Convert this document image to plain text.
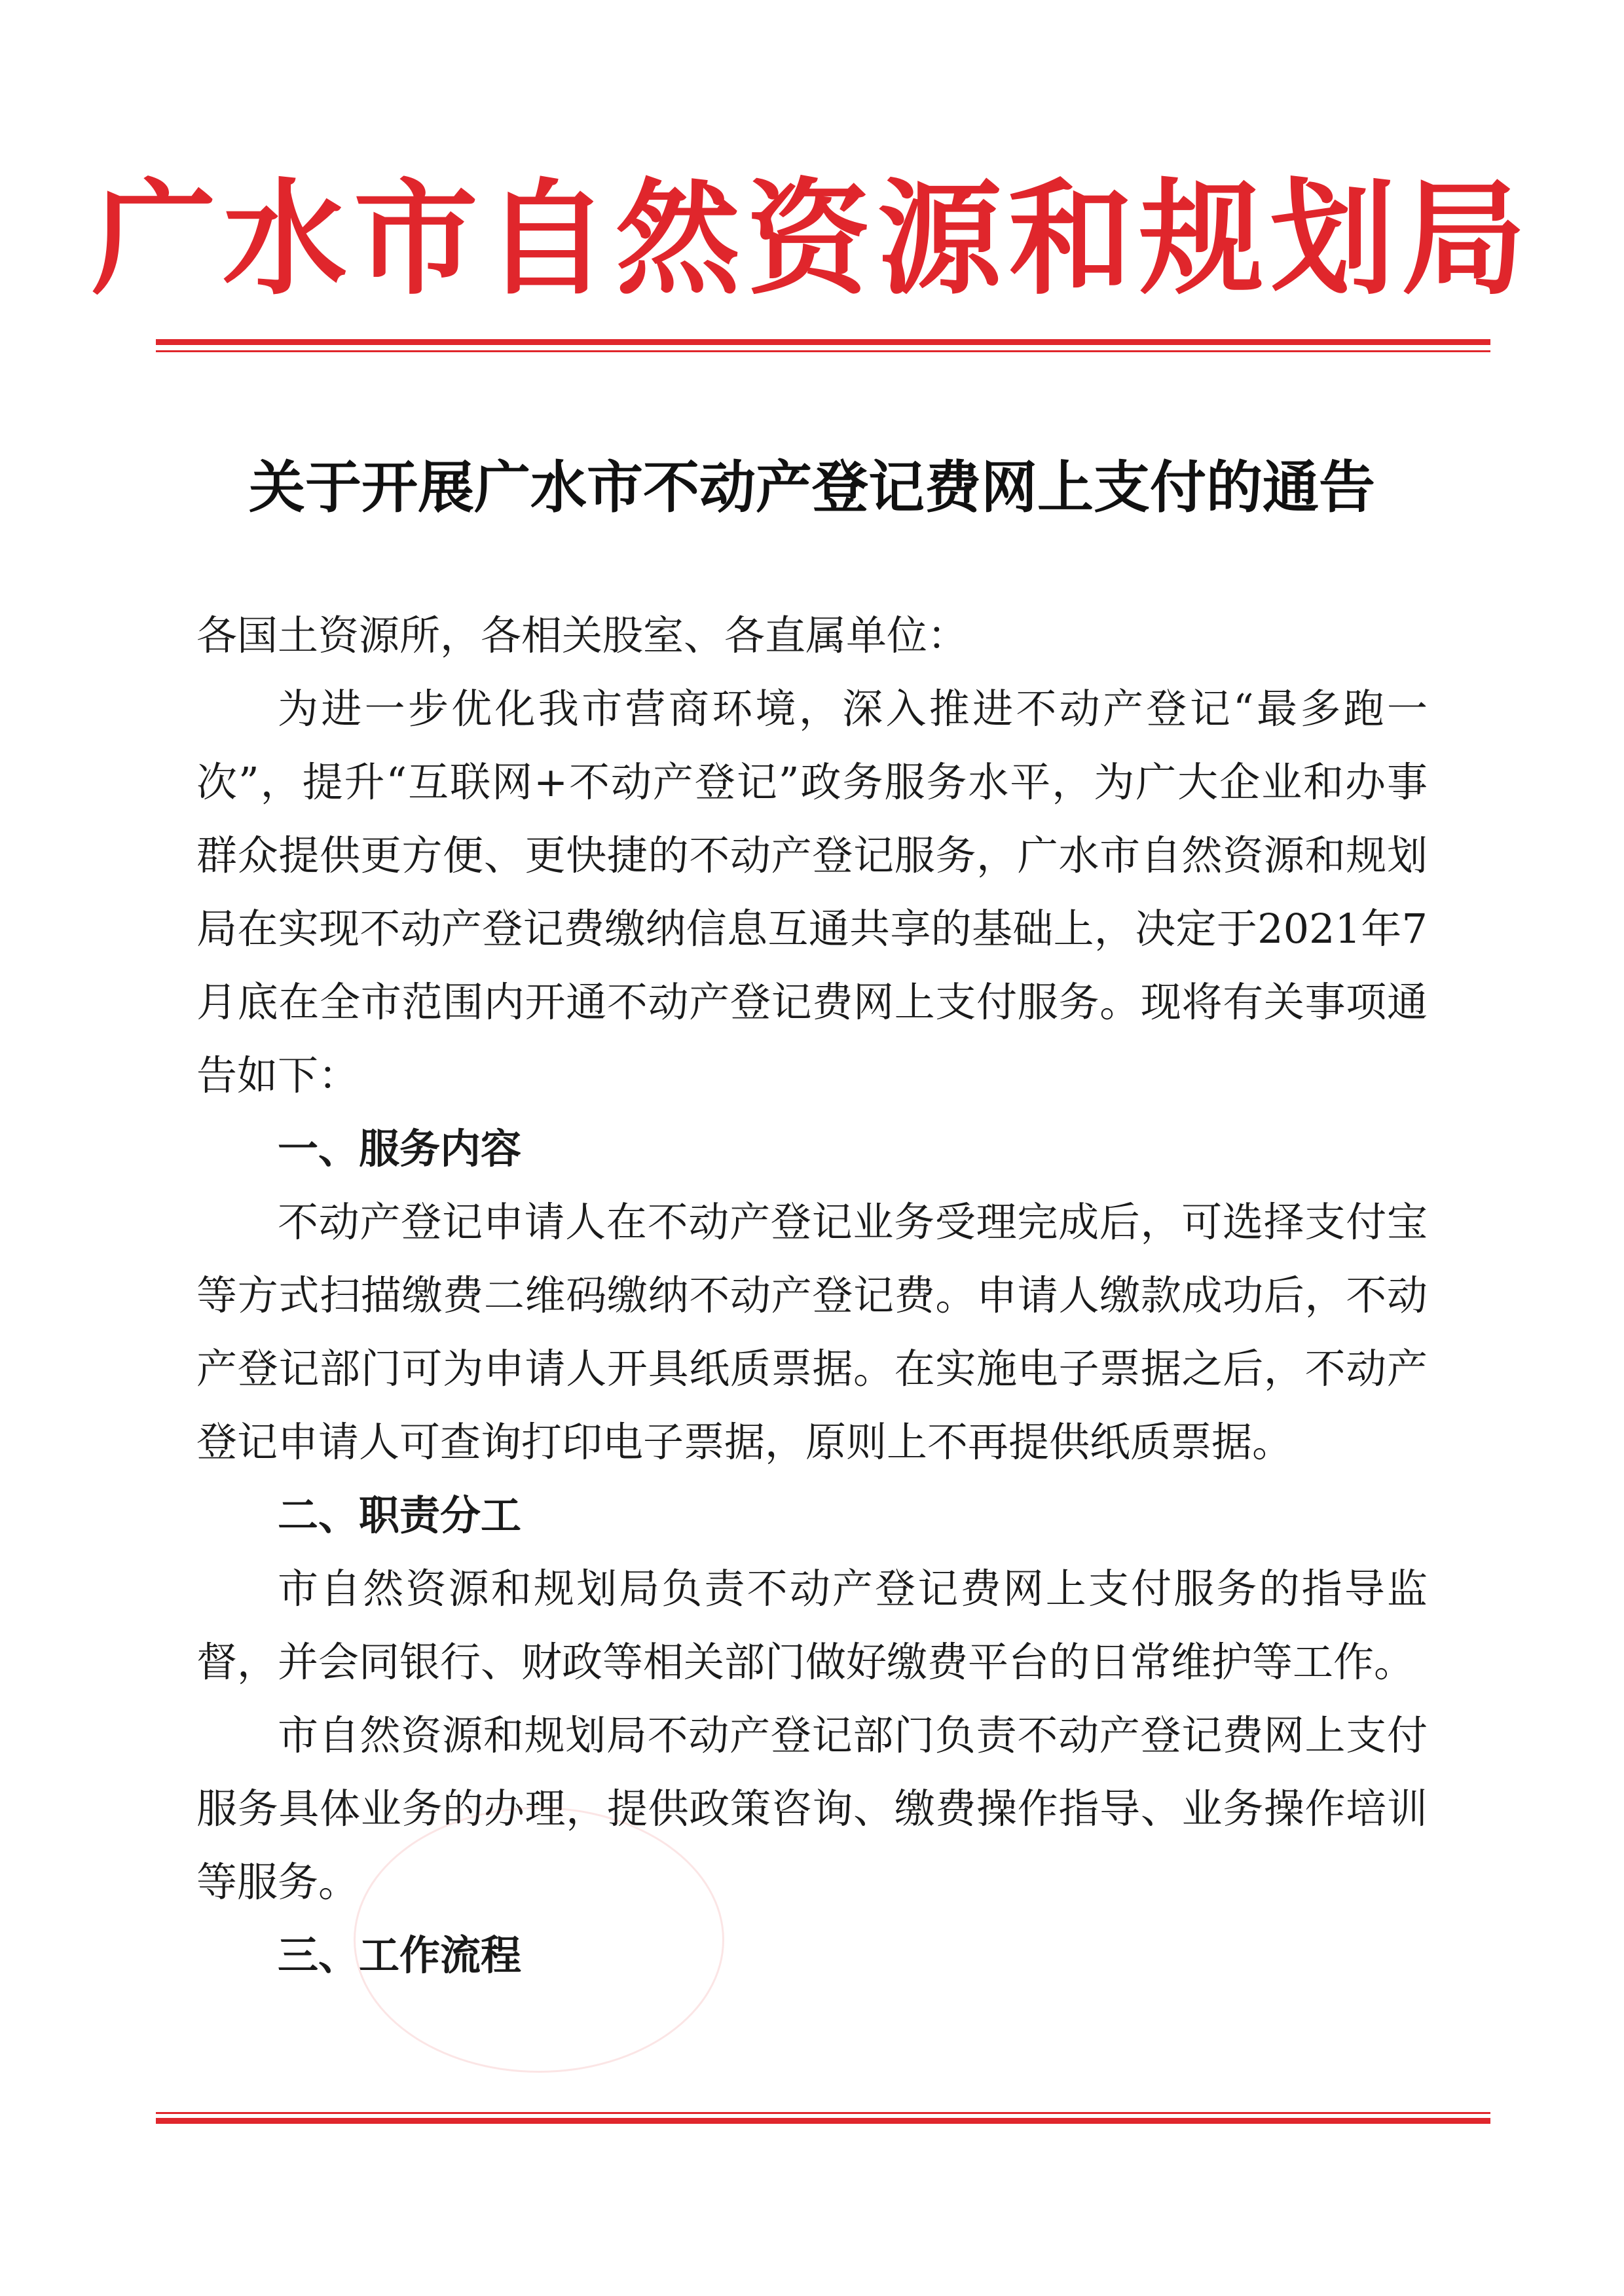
广水市自然资源和规划局
关于开展广水市不动产登记费网上支付的通告

各国土资源所，各相关股室、各直属单位：

为进一步优化我市营商环境，深入推进不动产登记“最多跑一次”，提升“互联网+不动产登记”政务服务水平，为广大企业和办事群众提供更方便、更快捷的不动产登记服务，广水市自然资源和规划局在实现不动产登记费缴纳信息互通共享的基础上，决定于2021年7月底在全市范围内开通不动产登记费网上支付服务。现将有关事项通告如下：

一、服务内容

不动产登记申请人在不动产登记业务受理完成后，可选择支付宝等方式扫描缴费二维码缴纳不动产登记费。申请人缴款成功后，不动产登记部门可为申请人开具纸质票据。在实施电子票据之后，不动产登记申请人可查询打印电子票据，原则上不再提供纸质票据。

二、职责分工

市自然资源和规划局负责不动产登记费网上支付服务的指导监督，并会同银行、财政等相关部门做好缴费平台的日常维护等工作。

市自然资源和规划局不动产登记部门负责不动产登记费网上支付服务具体业务的办理，提供政策咨询、缴费操作指导、业务操作培训等服务。

三、工作流程
